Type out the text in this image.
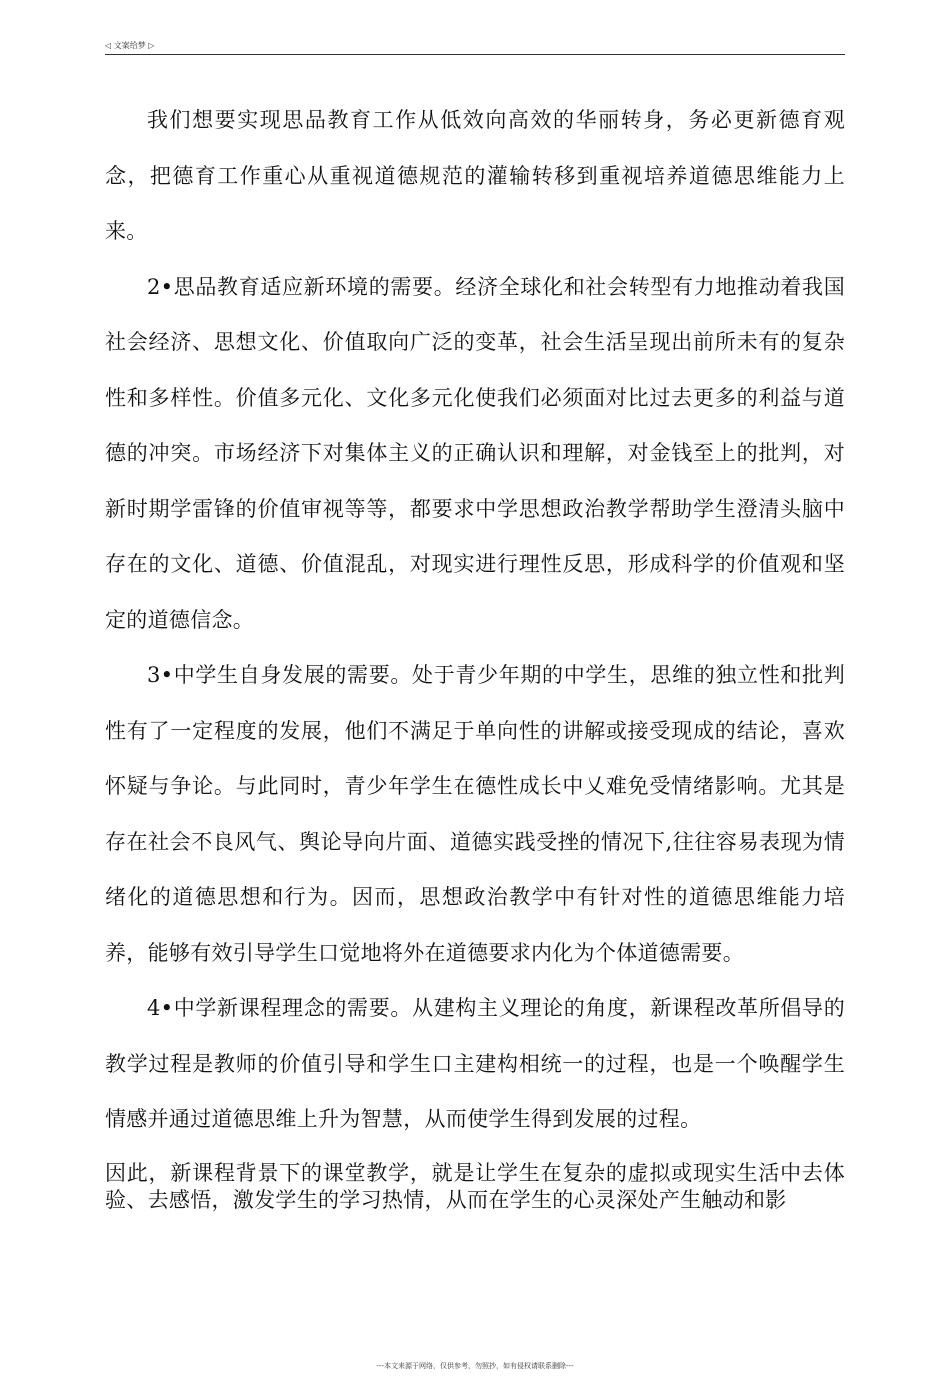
◁ 文案给梦 ▷

我们想要实现思品教育工作从低效向高效的华丽转身，务必更新德育观念，把德育工作重心从重视道德规范的灌输转移到重视培养道德思维能力上来。

2•思品教育适应新环境的需要。经济全球化和社会转型有力地推动着我国社会经济、思想文化、价值取向广泛的变革，社会生活呈现出前所未有的复杂性和多样性。价值多元化、文化多元化使我们必须面对比过去更多的利益与道德的冲突。市场经济下对集体主义的正确认识和理解，对金钱至上的批判，对新时期学雷锋的价值审视等等，都要求中学思想政治教学帮助学生澄清头脑中存在的文化、道德、价值混乱，对现实进行理性反思，形成科学的价值观和坚定的道德信念。

3•中学生自身发展的需要。处于青少年期的中学生，思维的独立性和批判性有了一定程度的发展，他们不满足于单向性的讲解或接受现成的结论，喜欢怀疑与争论。与此同时，青少年学生在德性成长中乂难免受情绪影响。尤其是存在社会不良风气、舆论导向片面、道德实践受挫的情况下,往往容易表现为情绪化的道德思想和行为。因而，思想政治教学中有针对性的道德思维能力培养，能够有效引导学生口觉地将外在道德要求内化为个体道德需要。

4•中学新课程理念的需要。从建构主义理论的角度，新课程改革所倡导的教学过程是教师的价值引导和学生口主建构相统一的过程，也是一个唤醒学生情感并通过道德思维上升为智慧，从而使学生得到发展的过程。

因此，新课程背景下的课堂教学，就是让学生在复杂的虚拟或现实生活中去体验、去感悟，激发学生的学习热情，从而在学生的心灵深处产生触动和影

---本文来源于网络，仅供参考，勿照抄，如有侵权请联系删除---
